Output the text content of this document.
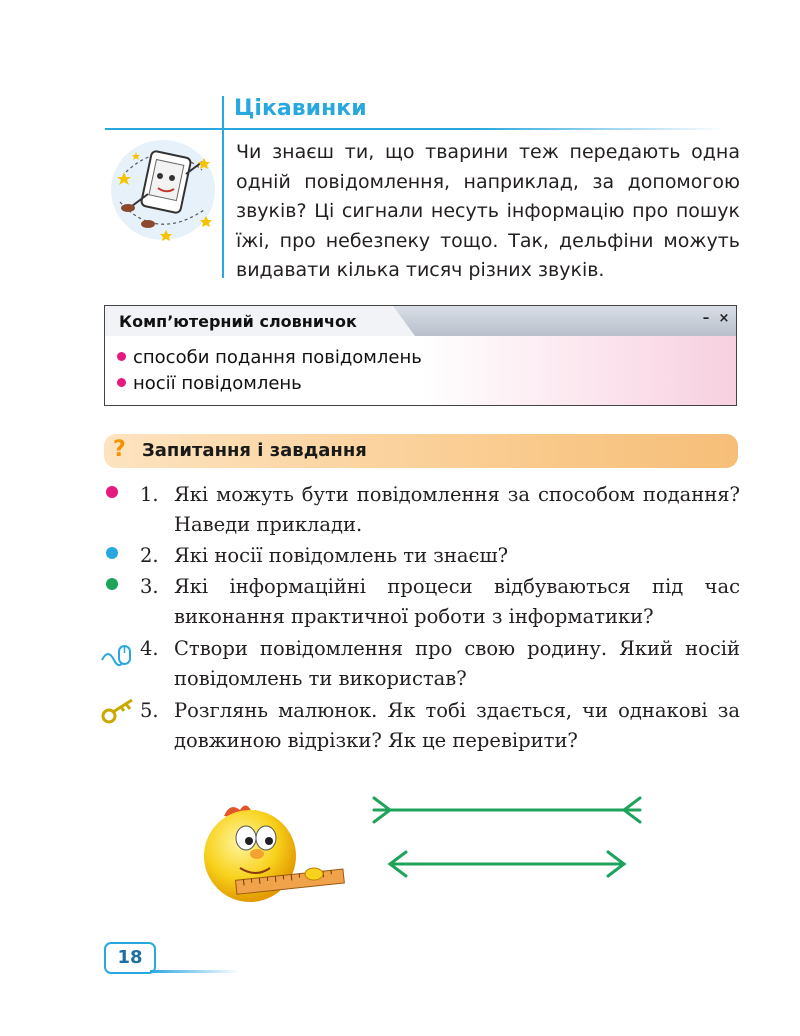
Цікавинки
Чи знаєш ти, що тварини теж передають одна одній повідомлення, наприклад, за допомогою звуків? Ці сигнали несуть інформацію про пошук їжі, про небезпеку тощо. Так, дельфіни можуть видавати кілька тисяч різних звуків.
Комп’ютерний словничок	– ×
способи подання повідомлень
носії повідомлень
? Запитання і завдання
1. Які можуть бути повідомлення за способом подання? Наведи приклади.
2. Які носії повідомлень ти знаєш?
3. Які інформаційні процеси відбуваються під час виконання практичної роботи з інформатики?
4. Створи повідомлення про свою родину. Який носій повідомлень ти використав?
5. Розглянь малюнок. Як тобі здається, чи однакові за довжиною відрізки? Як це перевірити?
18
